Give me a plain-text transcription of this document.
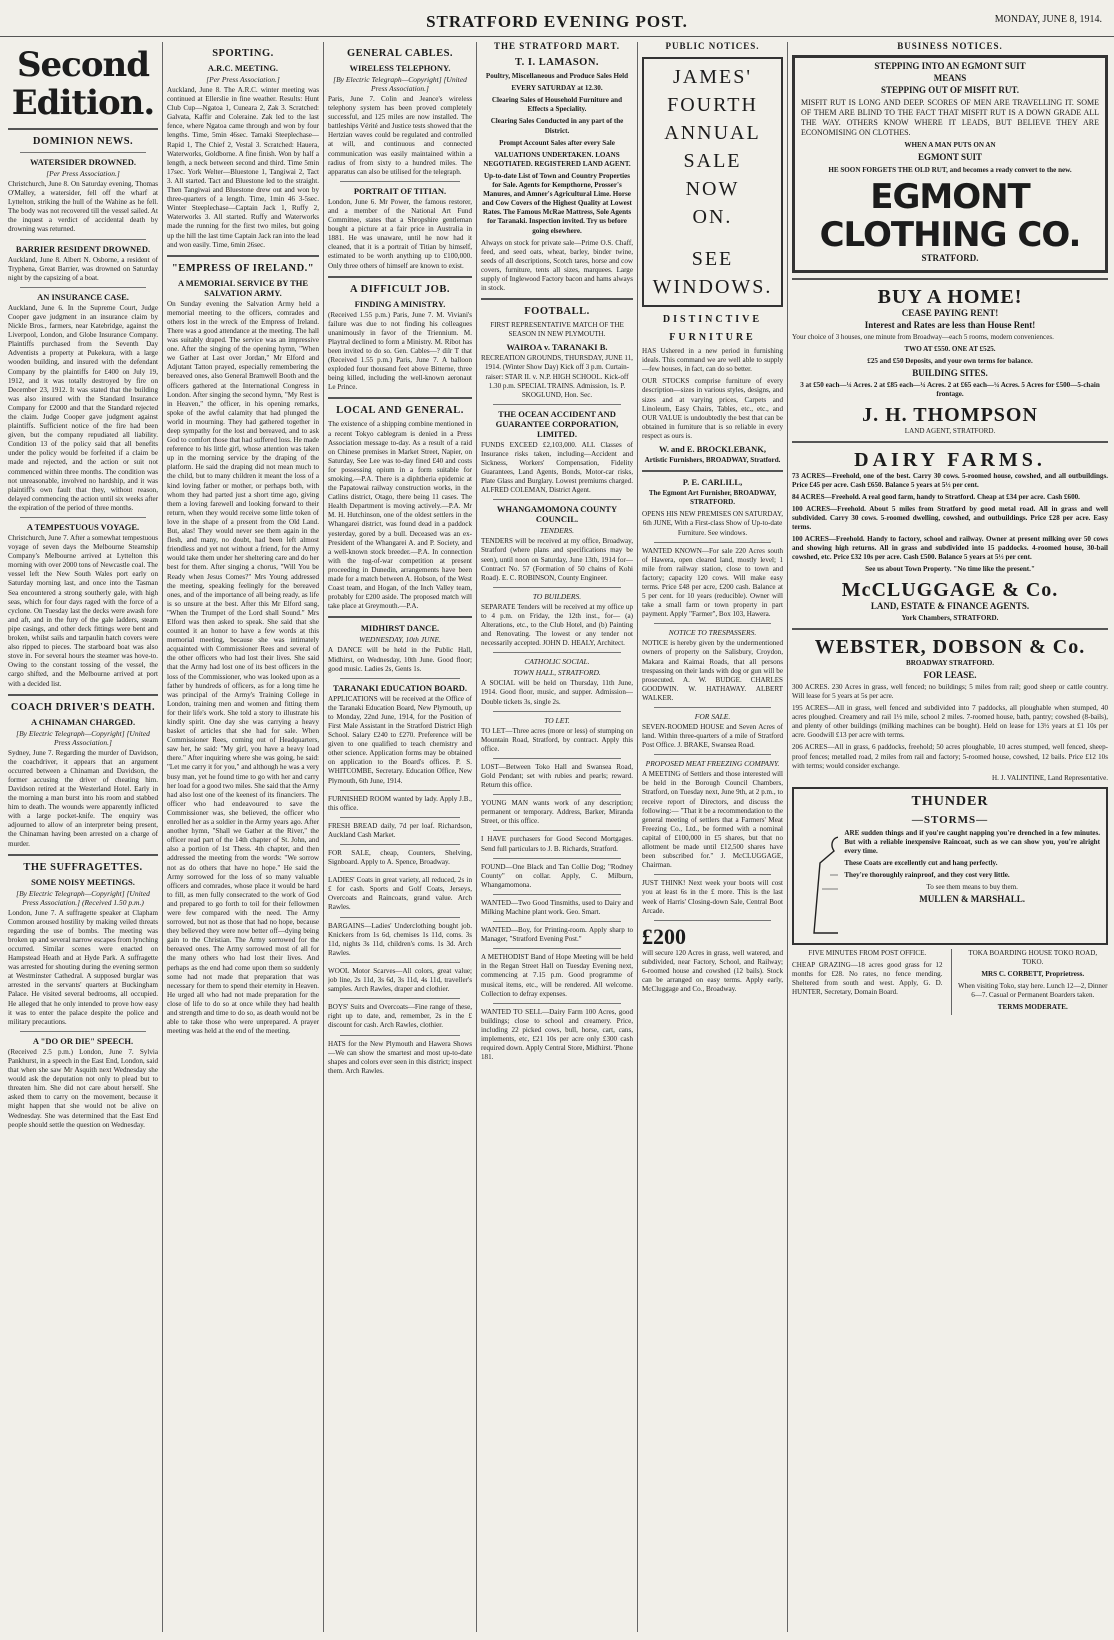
STRATFORD EVENING POST.	MONDAY, JUNE 8, 1914.
Second Edition.
DOMINION NEWS.
WATERSIDER DROWNED.
[Per Press Association.]

Christchurch, June 8. On Saturday evening, Thomas O'Malley, a watersider, fell off the wharf at Lyttelton, striking the hull of the Wahine as he fell. The body was not recovered till the vessel sailed. At the inquest a verdict of accidental death by drowning was returned.

BARRIER RESIDENT DROWNED.

Auckland, June 8. Albert N. Osborne, a resident of Tryphena, Great Barrier, was drowned on Saturday night by the capsizing of a boat.

AN INSURANCE CASE.

Auckland, June 6. In the Supreme Court, Judge Cooper gave judgment in an insurance claim by Nickle Bros., farmers, near Katebridge, against the Liverpool, London, and Globe Insurance Company. Plaintiffs purchased from the Seventh Day Adventists a property at Pukekura, with a large wooden building, and insured with the defendant Company by the plaintiffs for £400 on July 19, 1912, and it was totally destroyed by fire on December 23, 1912. It was stated that the building was also insured with the Standard Insurance Company for £2000 and that the Standard rejected the claim. Judge Cooper gave judgment against plaintiffs. Sufficient notice of the fire had been given, but the company repudiated all liability. Condition 13 of the policy said that all benefits under the policy would be forfeited if a claim be made and rejected, and the action or suit not commenced within three months. The condition was not unreasonable, involved no hardship, and it was plaintiff's own fault that they, without reason, delayed commencing the action until six weeks after the expiration of the period of three months.

A TEMPESTUOUS VOYAGE.

Christchurch, June 7. After a somewhat tempestuous voyage of seven days the Melbourne Steamship Company's Melbourne arrived at Lyttelton this morning with over 2000 tons of Newcastle coal. The vessel left the New South Wales port early on Saturday morning last, and once into the Tasman Sea encountered a strong southerly gale, with high seas, which for four days raged with the force of a cyclone. On Tuesday last the decks were awash fore and aft, and in the fury of the gale ladders, steam pipe casings, and other deck fittings were bent and broken, whilst sails and tarpaulin hatch covers were also ripped to pieces. The starboard boat was also stove in. For several hours the steamer was hove-to. Owing to the constant tossing of the vessel, the cargo shifted, and the Melbourne arrived at port with a decided list.

COACH DRIVER'S DEATH.
A CHINAMAN CHARGED.
[By Electric Telegraph—Copyright] [United Press Association.]

Sydney, June 7. Regarding the murder of Davidson, the coachdriver, it appears that an argument occurred between a Chinaman and Davidson, the former accusing the driver of cheating him. Davidson retired at the Westerland Hotel. Early in the morning a man burst into his room and stabbed him to death. The wounds were apparently inflicted with a large pocket-knife. The enquiry was adjourned to allow of an interpreter being present, the Chinaman having been arrested on a charge of murder.

THE SUFFRAGETTES.
SOME NOISY MEETINGS.
[By Electric Telegraph—Copyright] [United Press Association.] (Received 1.50 p.m.)

London, June 7. A suffragette speaker at Clapham Common aroused hostility by making veiled threats regarding the use of bombs. The meeting was broken up and several narrow escapes from lynching occurred. Similar scenes were enacted on Hampstead Heath and at Hyde Park. A suffragette was arrested for shouting during the evening sermon at Westminster Cathedral. A supposed burglar was arrested in the servants' quarters at Buckingham Palace. He visited several bedrooms, all occupied. He alleged that he only intended to prove how easy it was to enter the palace despite the police and military precautions.

A "DO OR DIE" SPEECH.

(Received 2.5 p.m.) London, June 7. Sylvia Pankhurst, in a speech in the East End, London, said that when she saw Mr Asquith next Wednesday she would ask the deputation not only to plead but to threaten him. She did not care about herself. She asked them to carry on the movement, because it might happen that she would not be alive on Wednesday. She was determined that the East End people should settle the question on Wednesday.

SPORTING.
A.R.C. MEETING.
[Per Press Association.]

Auckland, June 8. The A.R.C. winter meeting was continued at Ellerslie in fine weather. Results: Hunt Club Cup—Ngatoa 1, Cuneara 2, Zak 3. Scratched: Galvata, Kaffir and Coleraine. Zak led to the last fence, where Ngatoa came through and won by four lengths. Time, 5min 46sec. Tamaki Steeplechase—Rapid 1, The Chief 2, Vestal 3. Scratched: Hauera, Waterworks, Goldborne. A fine finish. Won by half a length, a neck between second and third. Time 5min 17sec. York Welter—Bluestone 1, Tangiwai 2, Tact 3. All started. Tact and Bluestone led to the straight. Then Tangiwai and Bluestone drew out and won by three-quarters of a length. Time, 1min 46 3-5sec. Winter Steeplechase—Captain Jack 1, Ruffy 2, Waterworks 3. All started. Ruffy and Waterworks made the running for the first two miles, but going up the hill the last time Captain Jack ran into the lead and won easily. Time, 6min 26sec.

"EMPRESS OF IRELAND."
A MEMORIAL SERVICE BY THE SALVATION ARMY.

On Sunday evening the Salvation Army held a memorial meeting to the officers, comrades and others lost in the wreck of the Empress of Ireland. There was a good attendance at the meeting. The hall was suitably draped. The service was an impressive one. After the singing of the opening hymn, "When we Gather at Last over Jordan," Mr Elford and Adjutant Tatton prayed, especially remembering the bereaved ones, also General Bramwell Booth and the officers gathered at the International Congress in London. After singing the second hymn, "My Rest is in Heaven," the officer, in his opening remarks, spoke of the awful calamity that had plunged the world in mourning. They had gathered together in deep sympathy for the lost and bereaved, and to ask God to comfort those that had suffered loss. He made reference to his little girl, whose attention was taken up in the morning service by the draping of the platform. He said the draping did not mean much to the child, but to many children it meant the loss of a kind loving father or mother, or perhaps both, with whom they had parted just a short time ago, giving them a loving farewell and looking forward to their return, when they would receive some little token of love in the shape of a present from the Old Land. But, alas! They would never see them again in the flesh, and many, no doubt, had been left almost friendless and yet not without a friend, for the Army would take them under her sheltering care and do her best for them. After singing a chorus, "Will You be Ready when Jesus Comes?" Mrs Young addressed the meeting, speaking feelingly for the bereaved ones, and of the importance of all being ready, as life is so unsure at the best. After this Mr Elford sang, "When the Trumpet of the Lord shall Sound." Mrs Elford was then asked to speak. She said that she counted it an honor to have a few words at this memorial meeting, because she was intimately acquainted with Commissioner Rees and several of the other officers who had lost their lives. She said that the Army had lost one of its best officers in the loss of the Commissioner, who was looked upon as a father by hundreds of officers, as for a long time he was principal of the Army's Training College in London, training men and women and fitting them for their life's work. She told a story to illustrate his kindly spirit. One day she was carrying a heavy basket of articles that she had for sale. When Commissioner Rees, coming out of Headquarters, saw her, he said: "My girl, you have a heavy load there." After inquiring where she was going, he said: "Let me carry it for you," and although he was a very busy man, yet he found time to go with her and carry her load for a good two miles. She said that the Army had also lost one of the keenest of its financiers. The officer who had endeavoured to save the Commissioner was, she believed, the officer who enrolled her as a soldier in the Army years ago. After another hymn, "Shall we Gather at the River," the officer read part of the 14th chapter of St. John, and also a portion of 1st Thess. 4th chapter, and then addressed the meeting from the words: "We sorrow not as do others that have no hope." He said the Army sorrowed for the loss of so many valuable officers and comrades, whose place it would be hard to fill, as men fully consecrated to the work of God and prepared to go forth to toil for their fellowmen were few compared with the need. The Army sorrowed, but not as those that had no hope, because they believed they were now better off—dying being gain to the Christian. The Army sorrowed for the bereaved ones. The Army sorrowed most of all for the many others who had lost their lives. And perhaps as the end had come upon them so suddenly some had not made that preparation that was necessary for them to spend their eternity in Heaven. He urged all who had not made preparation for the close of life to do so at once while they had health and strength and time to do so, as death would not be able to take those who were unprepared. A prayer meeting was held at the end of the meeting.

GENERAL CABLES.
WIRELESS TELEPHONY.
[By Electric Telegraph—Copyright] [United Press Association.]

Paris, June 7. Colin and Jeance's wireless telephony system has been proved completely successful, and 125 miles are now installed. The battleships Vérité and Justice tests showed that the Hertzian waves could be regulated and controlled at will, and continuous and connected communication was easily maintained within a radius of from sixty to a hundred miles. The apparatus can also be utilised for the telegraph.

PORTRAIT OF TITIAN.

London, June 6. Mr Power, the famous restorer, and a member of the National Art Fund Committee, states that a Shropshire gentleman bought a picture at a fair price in Australia in 1881. He was unaware, until he now had it cleaned, that it is a portrait of Titian by himself, estimated to be worth anything up to £100,000. Only three others of himself are known to exist.

A DIFFICULT JOB.
FINDING A MINISTRY.

(Received 1.55 p.m.) Paris, June 7. M. Viviani's failure was due to not finding his colleagues unanimously in favor of the Triennium. M. Playtral declined to form a Ministry. M. Ribot has been invited to do so. Gen. Cables—? dilr T that (Received 1.55 p.m.) Paris, June 7. A balloon exploded four thousand feet above Bitterne, three being killed, including the well-known aeronaut Le Prince.

LOCAL AND GENERAL.

The existence of a shipping combine mentioned in a recent Tokyo cablegram is denied in a Press Association message to-day. As a result of a raid on Chinese premises in Market Street, Napier, on Saturday, See Lee was to-day fined £40 and costs for possessing opium in a form suitable for smoking.—P.A. There is a diphtheria epidemic at the Papatowai railway construction works, in the Catlins district, Otago, there being 11 cases. The Health Department is moving actively.—P.A. Mr M. H. Hutchinson, one of the oldest settlers in the Whangarei district, was found dead in a paddock yesterday, gored by a bull. Deceased was an ex-President of the Whangarei A. and P. Society, and a well-known stock breeder.—P.A. In connection with the tug-of-war competition at present proceeding in Dunedin, arrangements have been made for a match between A. Hobson, of the West Coast team, and Hogan, of the Inch Valley team, probably for £200 aside. The proposed match will take place at Greymouth.—P.A.

MIDHIRST DANCE.
WEDNESDAY, 10th JUNE.

A DANCE will be held in the Public Hall, Midhirst, on Wednesday, 10th June. Good floor; good music. Ladies 2s, Gents 1s.

TARANAKI EDUCATION BOARD.

APPLICATIONS will be received at the Office of the Taranaki Education Board, New Plymouth, up to Monday, 22nd June, 1914, for the Position of First Male Assistant in the Stratford District High School. Salary £240 to £270. Preference will be given to one qualified to teach chemistry and other science. Application forms may be obtained on application to the Board's offices. P. S. WHITCOMBE, Secretary. Education Office, New Plymouth, 6th June, 1914.

FURNISHED ROOM wanted by lady. Apply J.B., this office.

FRESH BREAD daily, 7d per loaf. Richardson, Auckland Cash Market.

FOR SALE, cheap, Counters, Shelving, Signboard. Apply to A. Spence, Broadway.

LADIES' Coats in great variety, all reduced, 2s in £ for cash. Sports and Golf Coats, Jerseys, Overcoats and Raincoats, grand value. Arch Rawles.

BARGAINS—Ladies' Underclothing bought job. Knickers from 1s 6d, chemises 1s 11d, coms. 3s 11d, nights 3s 11d, children's coms. 1s 3d. Arch Rawles.

WOOL Motor Scarves—All colors, great value; job line, 2s 11d, 3s 6d, 3s 11d, 4s 11d, traveller's samples. Arch Rawles, draper and clothier.

BOYS' Suits and Overcoats—Fine range of these, right up to date, and, remember, 2s in the £ discount for cash. Arch Rawles, clothier.

HATS for the New Plymouth and Hawera Shows—We can show the smartest and most up-to-date shapes and colors ever seen in this district; inspect them. Arch Rawles.

THE STRATFORD MART.
T. I. LAMASON.

Poultry, Miscellaneous and Produce Sales Held

EVERY SATURDAY at 12.30.

Clearing Sales of Household Furniture and Effects a Speciality.

Clearing Sales Conducted in any part of the District.

Prompt Account Sales after every Sale

VALUATIONS UNDERTAKEN. LOANS NEGOTIATED. REGISTERED LAND AGENT.

Up-to-date List of Town and Country Properties for Sale. Agents for Kempthorne, Prosser's Manures, and Amner's Agricultural Lime. Horse and Cow Covers of the Highest Quality at Lowest Rates. The Famous McRae Mattress, Sole Agents for Taranaki. Inspection invited. Try us before going elsewhere.

Always on stock for private sale—Prime O.S. Chaff, feed, and seed oats, wheat, barley, binder twine, seeds of all descriptions, Scotch tares, horse and cow covers, furniture, tents all sizes, marquees. Large supply of Inglewood Factory bacon and hams always in stock.

FOOTBALL.

FIRST REPRESENTATIVE MATCH OF THE SEASON IN NEW PLYMOUTH.

WAIROA v. TARANAKI B.

RECREATION GROUNDS, THURSDAY, JUNE 11, 1914. (Winter Show Day) Kick off 3 p.m. Curtain-raiser: STAR II. v. N.P. HIGH SCHOOL. Kick-off 1.30 p.m. SPECIAL TRAINS. Admission, 1s. P. SKOGLUND, Hon. Sec.

THE OCEAN ACCIDENT AND GUARANTEE CORPORATION, LIMITED.

FUNDS EXCEED £2,103,000. ALL Classes of Insurance risks taken, including—Accident and Sickness, Workers' Compensation, Fidelity Guarantees, Land Agents, Bonds, Motor-car risks, Plate Glass and Burglary. Lowest premiums charged. ALFRED COLEMAN, District Agent.

WHANGAMOMONA COUNTY COUNCIL.
TENDERS.

TENDERS will be received at my office, Broadway, Stratford (where plans and specifications may be seen), until noon on Saturday, June 13th, 1914 for— Contract No. 57 (Formation of 50 chains of Kohi Road). E. C. ROBINSON, County Engineer.

TO BUILDERS.

SEPARATE Tenders will be received at my office up to 4 p.m. on Friday, the 12th inst., for— (a) Alterations, etc., to the Club Hotel, and (b) Painting and Renovating. The lowest or any tender not necessarily accepted. JOHN D. HEALY, Architect.

CATHOLIC SOCIAL.
TOWN HALL, STRATFORD.

A SOCIAL will be held on Thursday, 11th June, 1914. Good floor, music, and supper. Admission—Double tickets 3s, single 2s.

TO LET.

TO LET—Three acres (more or less) of stumping on Mountain Road, Stratford, by contract. Apply this office.

LOST—Between Toko Hall and Swansea Road, Gold Pendant; set with rubies and pearls; reward. Return this office.

YOUNG MAN wants work of any description; permanent or temporary. Address, Barker, Miranda Street, or this office.

I HAVE purchasers for Good Second Mortgages. Send full particulars to J. B. Richards, Stratford.

FOUND—One Black and Tan Collie Dog; "Rodney County" on collar. Apply, C. Milburn, Whangamomona.

WANTED—Two Good Tinsmiths, used to Dairy and Milking Machine plant work. Geo. Smart.

WANTED—Boy, for Printing-room. Apply sharp to Manager, "Stratford Evening Post."

A METHODIST Band of Hope Meeting will be held in the Regan Street Hall on Tuesday Evening next, commencing at 7.15 p.m. Good programme of musical items, etc., will be rendered. All welcome. Collection to defray expenses.

WANTED TO SELL—Dairy Farm 100 Acres, good buildings; close to school and creamery. Price, including 22 picked cows, bull, horse, cart, cans, implements, etc, £21 10s per acre only £300 cash required down. Apply Central Store, Midhirst. 'Phone 181.

PUBLIC NOTICES.
JAMES'
FOURTH
ANNUAL
SALE
NOW
ON.
SEE WINDOWS.
DISTINCTIVE FURNITURE

HAS Ushered in a new period in furnishing ideals. This command we are well able to supply—few houses, in fact, can do so better.

OUR STOCKS comprise furniture of every description—sizes in various styles, designs, and sizes and at varying prices, Carpets and Linoleum, Easy Chairs, Tables, etc., etc., and OUR VALUE is undoubtedly the best that can be obtained in furniture that is so reliable in every respect as ours is.

W. and E. BROCKLEBANK,

Artistic Furnishers, BROADWAY, Stratford.

P. E. CARLILL,

The Egmont Art Furnisher, BROADWAY, STRATFORD.

OPENS HIS NEW PREMISES ON SATURDAY, 6th JUNE, With a First-class Show of Up-to-date Furniture. See windows.

WANTED KNOWN—For sale 220 Acres south of Hawera, open cleared land, mostly level; 1 mile from railway station, close to town and factory; capacity 120 cows. Will make easy terms. Price £48 per acre, £200 cash. Balance at 5 per cent. for 10 years (reducible). Owner will take a small farm or town property in part payment. Apply "Farmer", Box 103, Hawera.

NOTICE TO TRESPASSERS.

NOTICE is hereby given by the undermentioned owners of property on the Salisbury, Croydon, Makara and Kaimai Roads, that all persons trespassing on their lands with dog or gun will be prosecuted. A. W. BUDGE. CHARLES GOODWIN. W. HATHAWAY. ALBERT WALKER.

FOR SALE.

SEVEN-ROOMED HOUSE and Seven Acres of land. Within three-quarters of a mile of Stratford Post Office. J. BRAKE, Swansea Road.

PROPOSED MEAT FREEZING COMPANY.

A MEETING of Settlers and those interested will be held in the Borough Council Chambers, Stratford, on Tuesday next, June 9th, at 2 p.m., to receive report of Directors, and discuss the following:— "That it be a recommendation to the general meeting of settlers that a Farmers' Meat Freezing Co., Ltd., be formed with a nominal capital of £100,000 in £5 shares, but that no allotment be made until £12,500 shares have been subscribed for." J. McCLUGGAGE, Chairman.

JUST THINK! Next week your boots will cost you at least 6s in the £ more. This is the last week of Harris' Closing-down Sale, Central Boot Arcade.

£200

will secure 120 Acres in grass, well watered, and subdivided, near Factory, School, and Railway; 6-roomed house and cowshed (12 bails). Stock can be arranged on easy terms. Apply early, McCluggage and Co., Broadway.

BUSINESS NOTICES.

STEPPING INTO AN EGMONT SUIT

MEANS

STEPPING OUT OF MISFIT RUT.

MISFIT RUT IS LONG AND DEEP. SCORES OF MEN ARE TRAVELLING IT. SOME OF THEM ARE BLIND TO THE FACT THAT MISFIT RUT IS A DOWN GRADE ALL THE WAY. OTHERS KNOW WHERE IT LEADS, BUT BELIEVE THEY ARE ECONOMISING ON CLOTHES.

WHEN A MAN PUTS ON AN

EGMONT SUIT

HE SOON FORGETS THE OLD RUT, and becomes a ready convert to the new.

EGMONT CLOTHING CO.

STRATFORD.

BUY A HOME!

CEASE PAYING RENT!

Interest and Rates are less than House Rent!

Your choice of 3 houses, one minute from Broadway—each 5 rooms, modern conveniences.

TWO AT £550. ONE AT £525.

£25 and £50 Deposits, and your own terms for balance.

BUILDING SITES.

3 at £50 each—¼ Acres. 2 at £85 each—¼ Acres. 2 at £65 each—¼ Acres. 5 Acres for £500—5-chain frontage.

J. H. THOMPSON

LAND AGENT, STRATFORD.

DAIRY FARMS.

73 ACRES—Freehold, one of the best. Carry 30 cows. 5-roomed house, cowshed, and all outbuildings. Price £45 per acre. Cash £650. Balance 5 years at 5½ per cent.

84 ACRES—Freehold. A real good farm, handy to Stratford. Cheap at £34 per acre. Cash £600.

100 ACRES—Freehold. About 5 miles from Stratford by good metal road. All in grass and well subdivided. Carry 30 cows. 5-roomed dwelling, cowshed, and outbuildings. Price £28 per acre. Easy terms.

100 ACRES—Freehold. Handy to factory, school and railway. Owner at present milking over 50 cows and showing high returns. All in grass and subdivided into 15 paddocks. 4-roomed house, 30-bail cowshed, etc. Price £32 10s per acre. Cash £500. Balance 5 years at 5½ per cent.

See us about Town Property. "No time like the present."

McCLUGGAGE & Co.

LAND, ESTATE & FINANCE AGENTS.

York Chambers, STRATFORD.

WEBSTER, DOBSON & Co.

BROADWAY STRATFORD.

FOR LEASE.

300 ACRES. 230 Acres in grass, well fenced; no buildings; 5 miles from rail; good sheep or cattle country. Will lease for 5 years at 5s per acre.

195 ACRES—All in grass, well fenced and subdivided into 7 paddocks, all ploughable when stumped, 40 acres ploughed. Creamery and rail 1½ mile, school 2 miles. 7-roomed house, bath, pantry; cowshed (8-bails), and plenty of other buildings (milking machines can be bought). Held on lease for 13½ years at £1 10s per acre. Goodwill £13 per acre with terms.

206 ACRES—All in grass, 6 paddocks, freehold; 50 acres ploughable, 10 acres stumped, well fenced, sheep-proof fences; metalled road, 2 miles from rail and factory; 5-roomed house, cowshed, 12 bails. Price £12 10s with terms; would consider exchange.

H. J. VALINTINE, Land Representative.

THUNDER
—STORMS—

ARE sudden things and if you're caught napping you're drenched in a few minutes. But with a reliable inexpensive Raincoat, such as we can show you, you're alright every time.

These Coats are excellently cut and hang perfectly.

They're thoroughly rainproof, and they cost very little.

To see them means to buy them.

MULLEN & MARSHALL.

FIVE MINUTES FROM POST OFFICE.

CHEAP GRAZING—18 acres good grass for 12 months for £28. No rates, no fence mending. Sheltered from south and west. Apply, G. D. HUNTER, Secretary, Domain Board.

TOKA BOARDING HOUSE TOKO ROAD, TOKO.

MRS C. CORBETT, Proprietress.

When visiting Toko, stay here. Lunch 12—2, Dinner 6—7. Casual or Permanent Boarders taken.

TERMS MODERATE.
